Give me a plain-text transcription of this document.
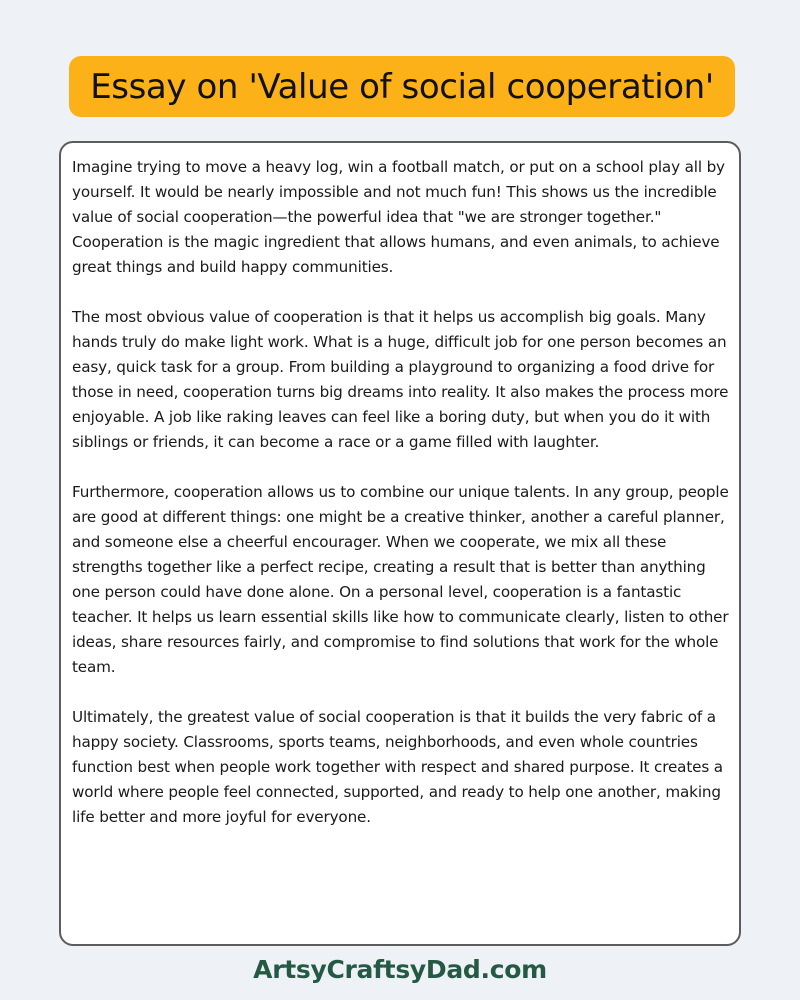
Essay on 'Value of social cooperation'

Imagine trying to move a heavy log, win a football match, or put on a school play all by yourself. It would be nearly impossible and not much fun! This shows us the incredible value of social cooperation—the powerful idea that "we are stronger together." Cooperation is the magic ingredient that allows humans, and even animals, to achieve great things and build happy communities.

The most obvious value of cooperation is that it helps us accomplish big goals. Many hands truly do make light work. What is a huge, difficult job for one person becomes an easy, quick task for a group. From building a playground to organizing a food drive for those in need, cooperation turns big dreams into reality. It also makes the process more enjoyable. A job like raking leaves can feel like a boring duty, but when you do it with siblings or friends, it can become a race or a game filled with laughter.

Furthermore, cooperation allows us to combine our unique talents. In any group, people are good at different things: one might be a creative thinker, another a careful planner, and someone else a cheerful encourager. When we cooperate, we mix all these strengths together like a perfect recipe, creating a result that is better than anything one person could have done alone. On a personal level, cooperation is a fantastic teacher. It helps us learn essential skills like how to communicate clearly, listen to other ideas, share resources fairly, and compromise to find solutions that work for the whole team.

Ultimately, the greatest value of social cooperation is that it builds the very fabric of a happy society. Classrooms, sports teams, neighborhoods, and even whole countries function best when people work together with respect and shared purpose. It creates a world where people feel connected, supported, and ready to help one another, making life better and more joyful for everyone.

ArtsyCraftsyDad.com
